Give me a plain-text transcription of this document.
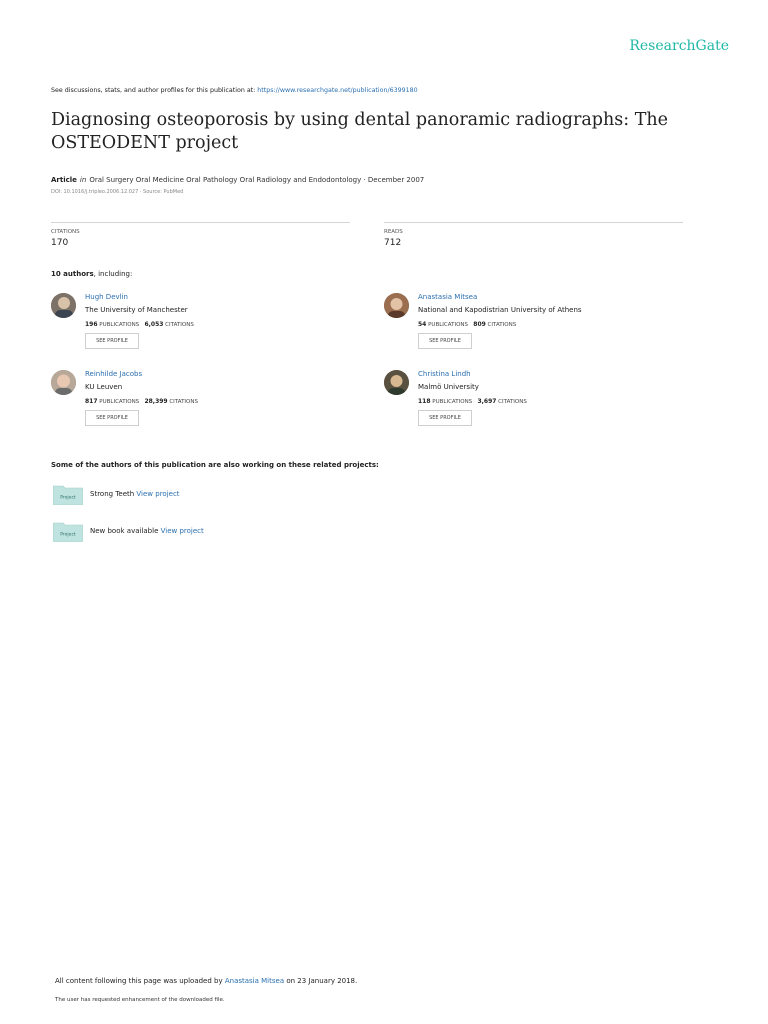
ResearchGate
See discussions, stats, and author profiles for this publication at: https://www.researchgate.net/publication/6399180
Diagnosing osteoporosis by using dental panoramic radiographs: The OSTEODENT project
Article in Oral Surgery Oral Medicine Oral Pathology Oral Radiology and Endodontology · December 2007
DOI: 10.1016/j.tripleo.2006.12.027 · Source: PubMed
CITATIONS
170
READS
712
10 authors, including:
Hugh Devlin
The University of Manchester
196 PUBLICATIONS 6,053 CITATIONS
SEE PROFILE
Anastasia Mitsea
National and Kapodistrian University of Athens
54 PUBLICATIONS 809 CITATIONS
SEE PROFILE
Reinhilde Jacobs
KU Leuven
817 PUBLICATIONS 28,399 CITATIONS
SEE PROFILE
Christina Lindh
Malmö University
118 PUBLICATIONS 3,697 CITATIONS
SEE PROFILE
Some of the authors of this publication are also working on these related projects:
Project Strong Teeth View project
Project New book available View project
All content following this page was uploaded by Anastasia Mitsea on 23 January 2018.
The user has requested enhancement of the downloaded file.
